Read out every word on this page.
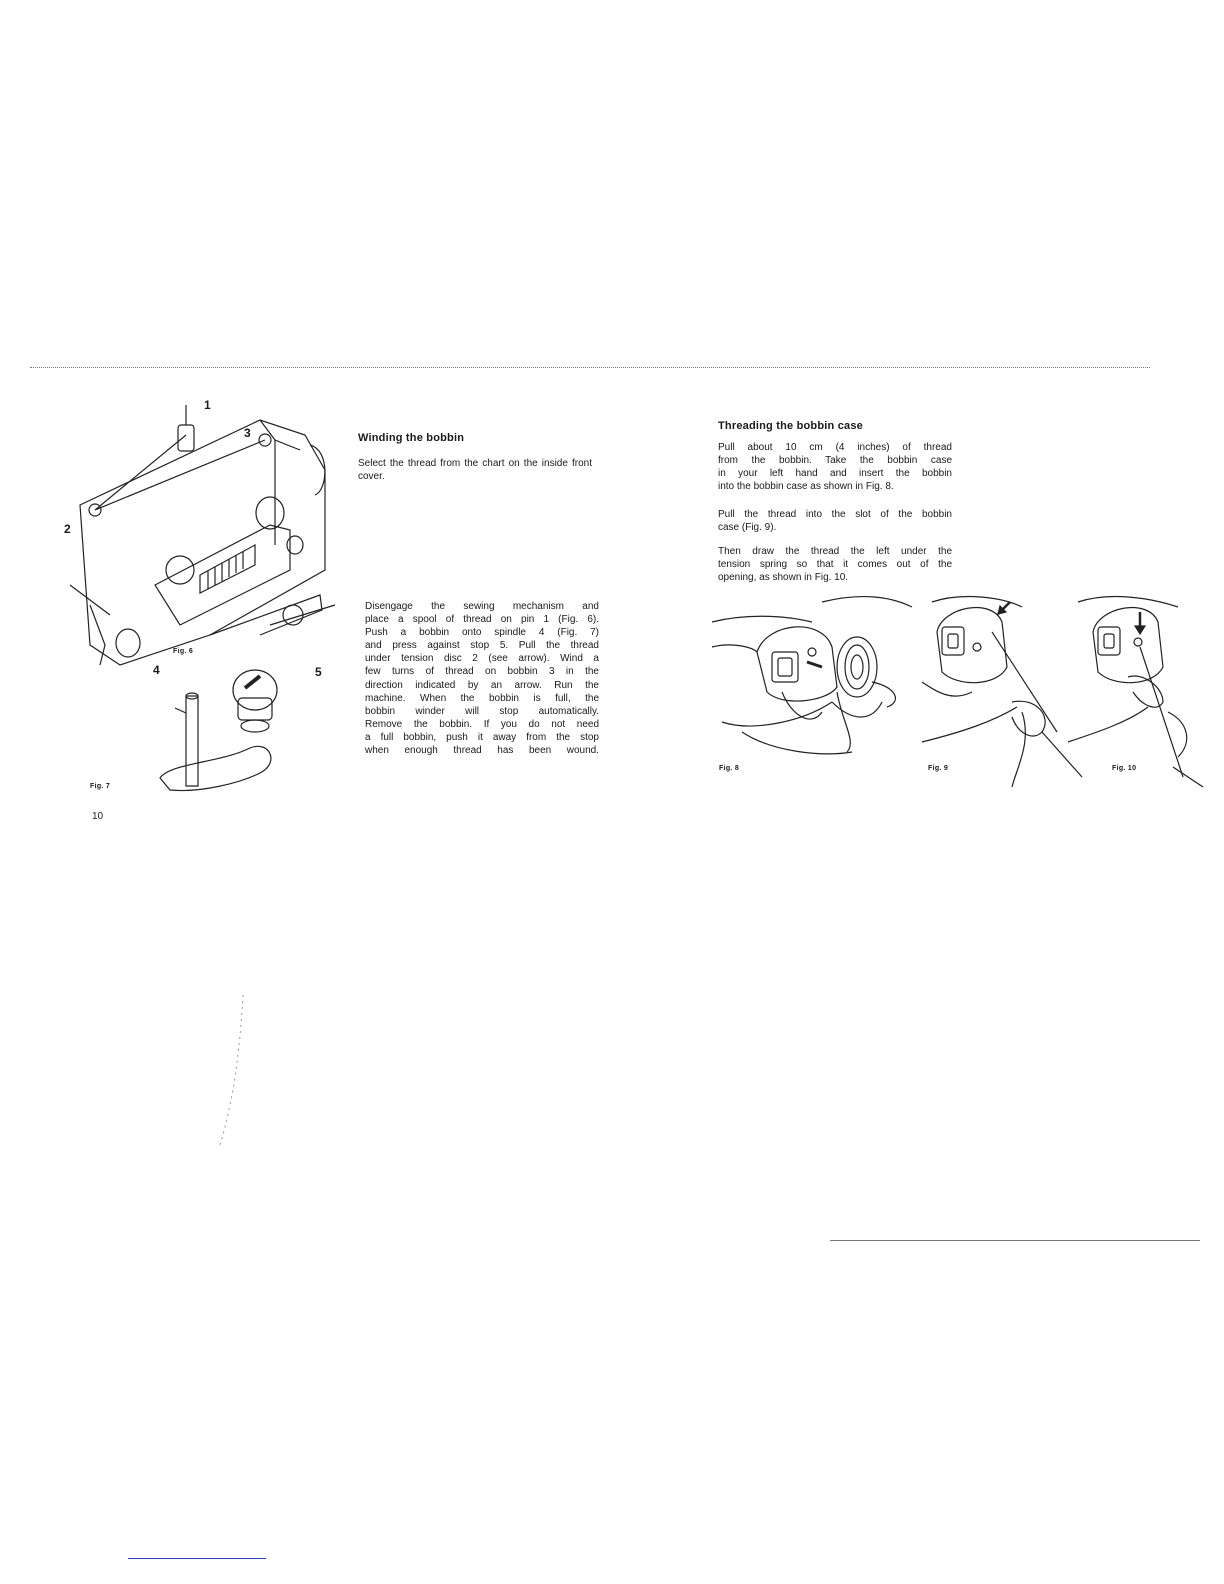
1
3
2
Fig. 6
4	5
Fig. 7
10
Winding the bobbin

Select the thread from the chart on the inside front cover.

Disengage the sewing mechanism and
place a spool of thread on pin 1 (Fig. 6).
Push a bobbin onto spindle 4 (Fig. 7)
and press against stop 5. Pull the thread
under tension disc 2 (see arrow). Wind a
few turns of thread on bobbin 3 in the
direction indicated by an arrow. Run the
machine. When the bobbin is full, the
bobbin winder will stop automatically.
Remove the bobbin. If you do not need
a full bobbin, push it away from the stop
when enough thread has been wound.
Threading the bobbin case
Pull about 10 cm (4 inches) of thread
from the bobbin. Take the bobbin case
in your left hand and insert the bobbin
into the bobbin case as shown in Fig. 8.
Pull the thread into the slot of the bobbin
case (Fig. 9).
Then draw the thread the left under the
tension spring so that it comes out of the
opening, as shown in Fig. 10.
Fig. 8	Fig. 9	Fig. 10
